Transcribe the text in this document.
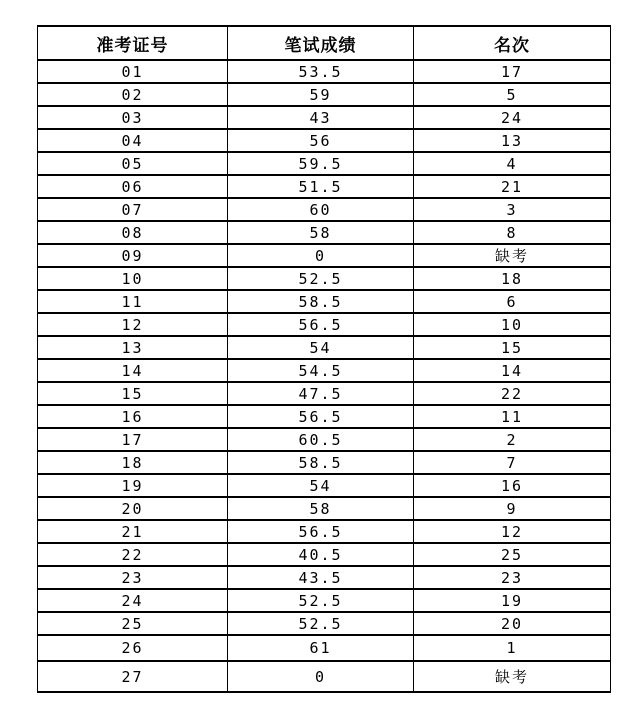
准考证号	笔试成绩	名次
01	53.5	17
02	59	5
03	43	24
04	56	13
05	59.5	4
06	51.5	21
07	60	3
08	58	8
09	0	缺考
10	52.5	18
11	58.5	6
12	56.5	10
13	54	15
14	54.5	14
15	47.5	22
16	56.5	11
17	60.5	2
18	58.5	7
19	54	16
20	58	9
21	56.5	12
22	40.5	25
23	43.5	23
24	52.5	19
25	52.5	20
26	61	1
27	0	缺考
